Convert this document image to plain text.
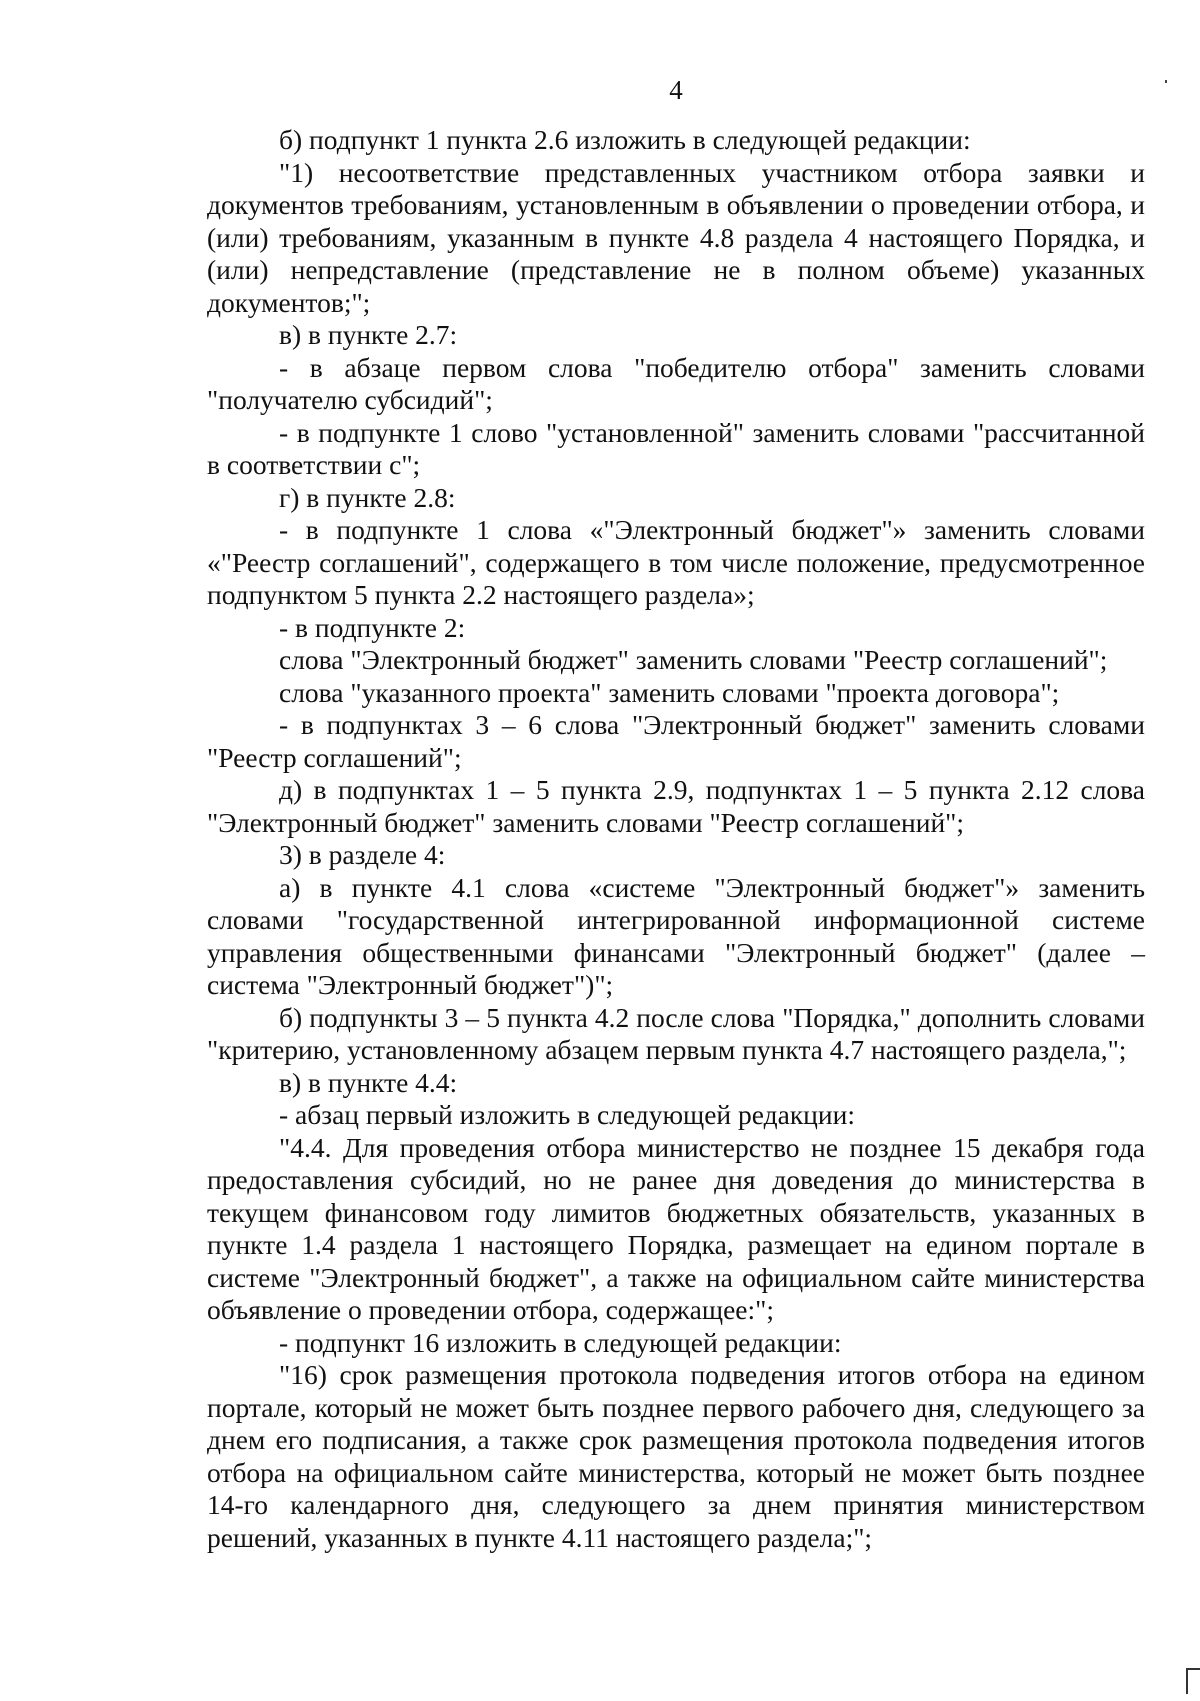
4

б) подпункт 1 пункта 2.6 изложить в следующей редакции:

"1) несоответствие представленных участником отбора заявки и документов требованиям, установленным в объявлении о проведении отбора, и (или) требованиям, указанным в пункте 4.8 раздела 4 настоящего Порядка, и (или) непредставление (представление не в полном объеме) указанных документов;";

в) в пункте 2.7:

- в абзаце первом слова "победителю отбора" заменить словами "получателю субсидий";

- в подпункте 1 слово "установленной" заменить словами "рассчитанной в соответствии с";

г) в пункте 2.8:

- в подпункте 1 слова «"Электронный бюджет"» заменить словами «"Реестр соглашений", содержащего в том числе положение, предусмотренное подпунктом 5 пункта 2.2 настоящего раздела»;

- в подпункте 2:

слова "Электронный бюджет" заменить словами "Реестр соглашений";

слова "указанного проекта" заменить словами "проекта договора";

- в подпунктах 3 – 6 слова "Электронный бюджет" заменить словами "Реестр соглашений";

д) в подпунктах 1 – 5 пункта 2.9, подпунктах 1 – 5 пункта 2.12 слова "Электронный бюджет" заменить словами "Реестр соглашений";

3) в разделе 4:

а) в пункте 4.1 слова «системе "Электронный бюджет"» заменить словами "государственной интегрированной информационной системе управления общественными финансами "Электронный бюджет" (далее – система "Электронный бюджет")";

б) подпункты 3 – 5 пункта 4.2 после слова "Порядка," дополнить словами "критерию, установленному абзацем первым пункта 4.7 настоящего раздела,";

в) в пункте 4.4:

- абзац первый изложить в следующей редакции:

"4.4. Для проведения отбора министерство не позднее 15 декабря года предоставления субсидий, но не ранее дня доведения до министерства в текущем финансовом году лимитов бюджетных обязательств, указанных в пункте 1.4 раздела 1 настоящего Порядка, размещает на едином портале в системе "Электронный бюджет", а также на официальном сайте министерства объявление о проведении отбора, содержащее:";

- подпункт 16 изложить в следующей редакции:

"16) срок размещения протокола подведения итогов отбора на едином портале, который не может быть позднее первого рабочего дня, следующего за днем его подписания, а также срок размещения протокола подведения итогов отбора на официальном сайте министерства, который не может быть позднее 14-го календарного дня, следующего за днем принятия министерством решений, указанных в пункте 4.11 настоящего раздела;";
